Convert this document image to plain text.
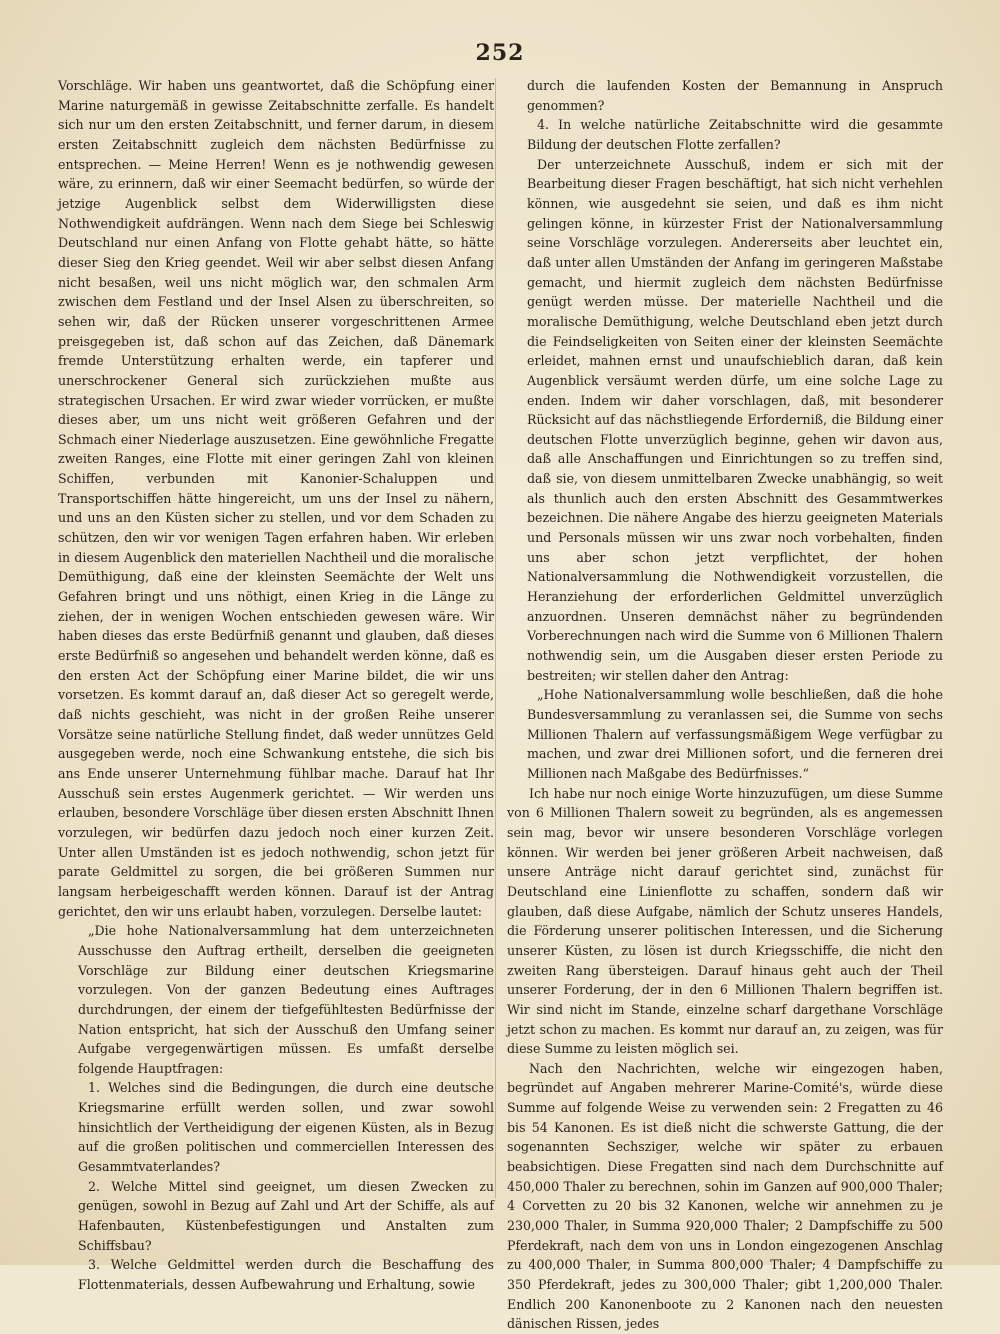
252

Vorschläge. Wir haben uns geantwortet, daß die Schöpfung einer Marine naturgemäß in gewisse Zeitabschnitte zerfalle. Es handelt sich nur um den ersten Zeitabschnitt, und ferner darum, in diesem ersten Zeitabschnitt zugleich dem nächsten Bedürfnisse zu entsprechen. — Meine Herren! Wenn es je nothwendig gewesen wäre, zu erinnern, daß wir einer Seemacht bedürfen, so würde der jetzige Augenblick selbst dem Widerwilligsten diese Nothwendigkeit aufdrängen. Wenn nach dem Siege bei Schleswig Deutschland nur einen Anfang von Flotte gehabt hätte, so hätte dieser Sieg den Krieg geendet. Weil wir aber selbst diesen Anfang nicht besaßen, weil uns nicht möglich war, den schmalen Arm zwischen dem Festland und der Insel Alsen zu überschreiten, so sehen wir, daß der Rücken unserer vorgeschrittenen Armee preisgegeben ist, daß schon auf das Zeichen, daß Dänemark fremde Unterstützung erhalten werde, ein tapferer und unerschrockener General sich zurückziehen mußte aus strategischen Ursachen. Er wird zwar wieder vorrücken, er mußte dieses aber, um uns nicht weit größeren Gefahren und der Schmach einer Niederlage auszusetzen. Eine gewöhnliche Fregatte zweiten Ranges, eine Flotte mit einer geringen Zahl von kleinen Schiffen, verbunden mit Kanonier-Schaluppen und Transportschiffen hätte hingereicht, um uns der Insel zu nähern, und uns an den Küsten sicher zu stellen, und vor dem Schaden zu schützen, den wir vor wenigen Tagen erfahren haben. Wir erleben in diesem Augenblick den materiellen Nachtheil und die moralische Demüthigung, daß eine der kleinsten Seemächte der Welt uns Gefahren bringt und uns nöthigt, einen Krieg in die Länge zu ziehen, der in wenigen Wochen entschieden gewesen wäre. Wir haben dieses das erste Bedürfniß genannt und glauben, daß dieses erste Bedürfniß so angesehen und behandelt werden könne, daß es den ersten Act der Schöpfung einer Marine bildet, die wir uns vorsetzen. Es kommt darauf an, daß dieser Act so geregelt werde, daß nichts geschieht, was nicht in der großen Reihe unserer Vorsätze seine natürliche Stellung findet, daß weder unnützes Geld ausgegeben werde, noch eine Schwankung entstehe, die sich bis ans Ende unserer Unternehmung fühlbar mache. Darauf hat Ihr Ausschuß sein erstes Augenmerk gerichtet. — Wir werden uns erlauben, besondere Vorschläge über diesen ersten Abschnitt Ihnen vorzulegen, wir bedürfen dazu jedoch noch einer kurzen Zeit. Unter allen Umständen ist es jedoch nothwendig, schon jetzt für parate Geldmittel zu sorgen, die bei größeren Summen nur langsam herbeigeschafft werden können. Darauf ist der Antrag gerichtet, den wir uns erlaubt haben, vorzulegen. Derselbe lautet:

„Die hohe Nationalversammlung hat dem unterzeichneten Ausschusse den Auftrag ertheilt, derselben die geeigneten Vorschläge zur Bildung einer deutschen Kriegsmarine vorzulegen. Von der ganzen Bedeutung eines Auftrages durchdrungen, der einem der tiefgefühltesten Bedürfnisse der Nation entspricht, hat sich der Ausschuß den Umfang seiner Aufgabe vergegenwärtigen müssen. Es umfaßt derselbe folgende Hauptfragen:

1. Welches sind die Bedingungen, die durch eine deutsche Kriegsmarine erfüllt werden sollen, und zwar sowohl hinsichtlich der Vertheidigung der eigenen Küsten, als in Bezug auf die großen politischen und commerciellen Interessen des Gesammtvaterlandes?

2. Welche Mittel sind geeignet, um diesen Zwecken zu genügen, sowohl in Bezug auf Zahl und Art der Schiffe, als auf Hafenbauten, Küstenbefestigungen und Anstalten zum Schiffsbau?

3. Welche Geldmittel werden durch die Beschaffung des Flottenmaterials, dessen Aufbewahrung und Erhaltung, sowie

durch die laufenden Kosten der Bemannung in Anspruch genommen?

4. In welche natürliche Zeitabschnitte wird die gesammte Bildung der deutschen Flotte zerfallen?

Der unterzeichnete Ausschuß, indem er sich mit der Bearbeitung dieser Fragen beschäftigt, hat sich nicht verhehlen können, wie ausgedehnt sie seien, und daß es ihm nicht gelingen könne, in kürzester Frist der Nationalversammlung seine Vorschläge vorzulegen. Andererseits aber leuchtet ein, daß unter allen Umständen der Anfang im geringeren Maßstabe gemacht, und hiermit zugleich dem nächsten Bedürfnisse genügt werden müsse. Der materielle Nachtheil und die moralische Demüthigung, welche Deutschland eben jetzt durch die Feindseligkeiten von Seiten einer der kleinsten Seemächte erleidet, mahnen ernst und unaufschieblich daran, daß kein Augenblick versäumt werden dürfe, um eine solche Lage zu enden. Indem wir daher vorschlagen, daß, mit besonderer Rücksicht auf das nächstliegende Erforderniß, die Bildung einer deutschen Flotte unverzüglich beginne, gehen wir davon aus, daß alle Anschaffungen und Einrichtungen so zu treffen sind, daß sie, von diesem unmittelbaren Zwecke unabhängig, so weit als thunlich auch den ersten Abschnitt des Gesammtwerkes bezeichnen. Die nähere Angabe des hierzu geeigneten Materials und Personals müssen wir uns zwar noch vorbehalten, finden uns aber schon jetzt verpflichtet, der hohen Nationalversammlung die Nothwendigkeit vorzustellen, die Heranziehung der erforderlichen Geldmittel unverzüglich anzuordnen. Unseren demnächst näher zu begründenden Vorberechnungen nach wird die Summe von 6 Millionen Thalern nothwendig sein, um die Ausgaben dieser ersten Periode zu bestreiten; wir stellen daher den Antrag:

„Hohe Nationalversammlung wolle beschließen, daß die hohe Bundesversammlung zu veranlassen sei, die Summe von sechs Millionen Thalern auf verfassungsmäßigem Wege verfügbar zu machen, und zwar drei Millionen sofort, und die ferneren drei Millionen nach Maßgabe des Bedürfnisses.“

Ich habe nur noch einige Worte hinzuzufügen, um diese Summe von 6 Millionen Thalern soweit zu begründen, als es angemessen sein mag, bevor wir unsere besonderen Vorschläge vorlegen können. Wir werden bei jener größeren Arbeit nachweisen, daß unsere Anträge nicht darauf gerichtet sind, zunächst für Deutschland eine Linienflotte zu schaffen, sondern daß wir glauben, daß diese Aufgabe, nämlich der Schutz unseres Handels, die Förderung unserer politischen Interessen, und die Sicherung unserer Küsten, zu lösen ist durch Kriegsschiffe, die nicht den zweiten Rang übersteigen. Darauf hinaus geht auch der Theil unserer Forderung, der in den 6 Millionen Thalern begriffen ist. Wir sind nicht im Stande, einzelne scharf dargethane Vorschläge jetzt schon zu machen. Es kommt nur darauf an, zu zeigen, was für diese Summe zu leisten möglich sei.

Nach den Nachrichten, welche wir eingezogen haben, begründet auf Angaben mehrerer Marine-Comité's, würde diese Summe auf folgende Weise zu verwenden sein: 2 Fregatten zu 46 bis 54 Kanonen. Es ist dieß nicht die schwerste Gattung, die der sogenannten Sechsziger, welche wir später zu erbauen beabsichtigen. Diese Fregatten sind nach dem Durchschnitte auf 450,000 Thaler zu berechnen, sohin im Ganzen auf 900,000 Thaler; 4 Corvetten zu 20 bis 32 Kanonen, welche wir annehmen zu je 230,000 Thaler, in Summa 920,000 Thaler; 2 Dampfschiffe zu 500 Pferdekraft, nach dem von uns in London eingezogenen Anschlag zu 400,000 Thaler, in Summa 800,000 Thaler; 4 Dampfschiffe zu 350 Pferdekraft, jedes zu 300,000 Thaler; gibt 1,200,000 Thaler. Endlich 200 Kanonenboote zu 2 Kanonen nach den neuesten dänischen Rissen, jedes
